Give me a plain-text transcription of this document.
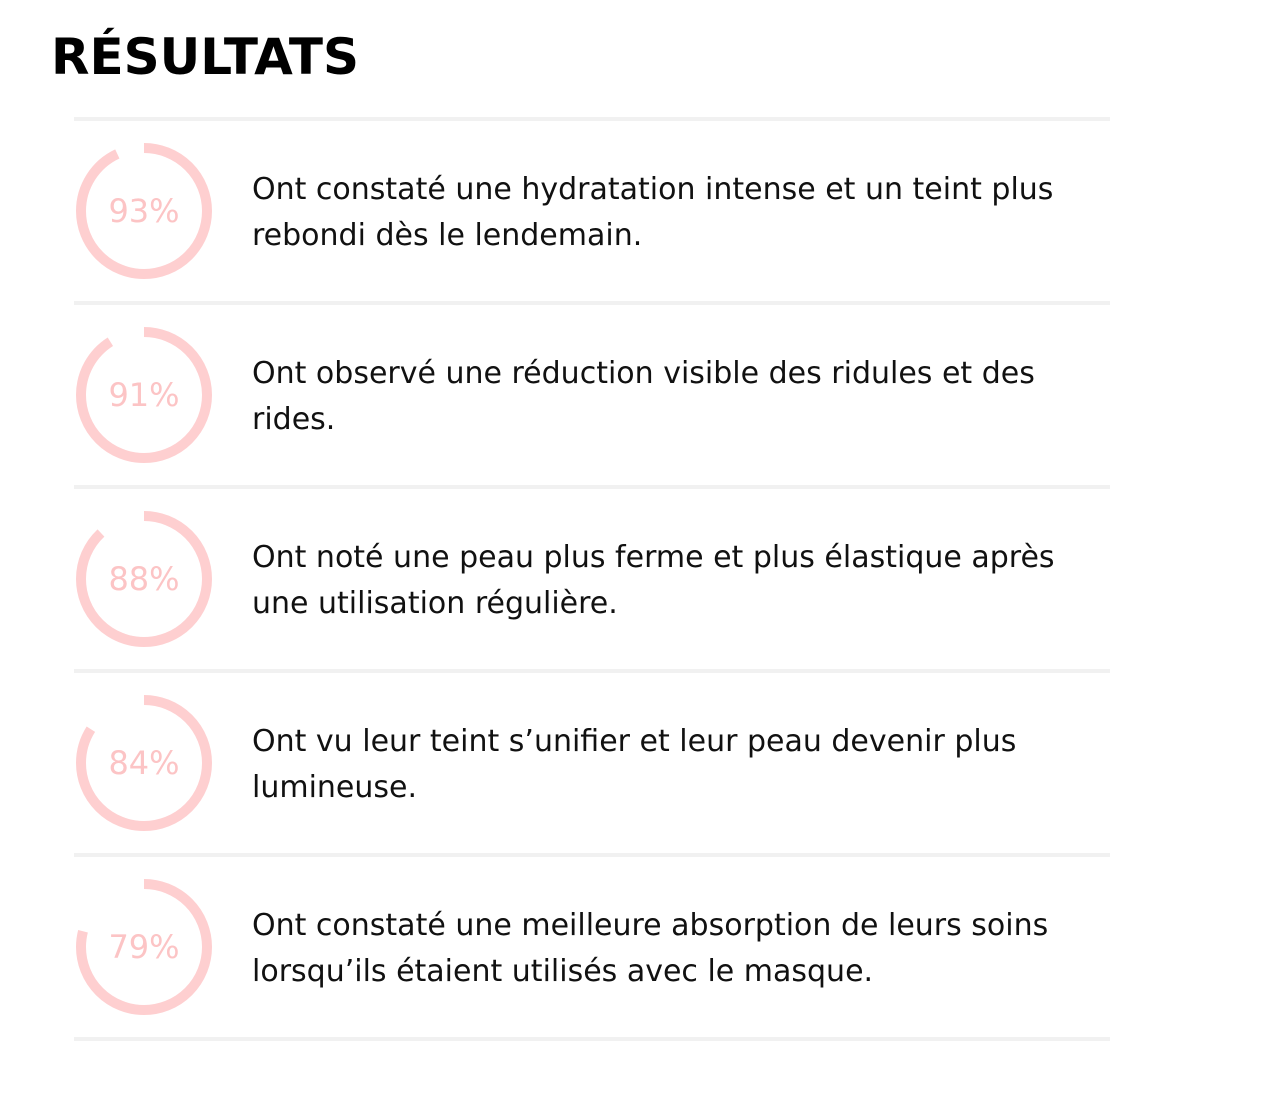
RÉSULTATS
93%

Ont constaté une hydratation intense et un teint plus rebondi dès le lendemain.

91%

Ont observé une réduction visible des ridules et des rides.

88%

Ont noté une peau plus ferme et plus élastique après une utilisation régulière.

84%

Ont vu leur teint s’unifier et leur peau devenir plus lumineuse.

79%

Ont constaté une meilleure absorption de leurs soins lorsqu’ils étaient utilisés avec le masque.
